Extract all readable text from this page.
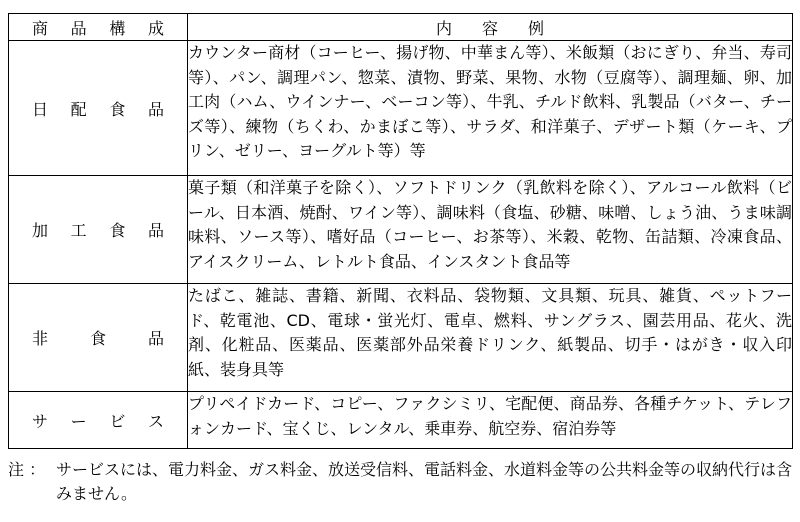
商品構成	内容例
日配食品	カウンター商材（コーヒー、揚げ物、中華まん等）、米飯類（おにぎり、弁当、寿司等）、パン、調理パン、惣菜、漬物、野菜、果物、水物（豆腐等）、調理麺、卵、加工肉（ハム、ウインナー、ベーコン等）、牛乳、チルド飲料、乳製品（バター、チーズ等）、練物（ちくわ、かまぼこ等）、サラダ、和洋菓子、デザート類（ケーキ、プリン、ゼリー、ヨーグルト等）等
加工食品	菓子類（和洋菓子を除く）、ソフトドリンク（乳飲料を除く）、アルコール飲料（ビール、日本酒、焼酎、ワイン等）、調味料（食塩、砂糖、味噌、しょう油、うま味調味料、ソース等）、嗜好品（コーヒー、お茶等）、米穀、乾物、缶詰類、冷凍食品、アイスクリーム、レトルト食品、インスタント食品等
非食品	たばこ、雑誌、書籍、新聞、衣料品、袋物類、文具類、玩具、雑貨、ペットフード、乾電池、CD、電球・蛍光灯、電卓、燃料、サングラス、園芸用品、花火、洗剤、化粧品、医薬品、医薬部外品栄養ドリンク、紙製品、切手・はがき・収入印紙、装身具等
サービス	プリペイドカード、コピー、ファクシミリ、宅配便、商品券、各種チケット、テレフォンカード、宝くじ、レンタル、乗車券、航空券、宿泊券等
注 ： サービスには、電力料金、ガス料金、放送受信料、電話料金、水道料金等の公共料金等の収納代行は含みません。
